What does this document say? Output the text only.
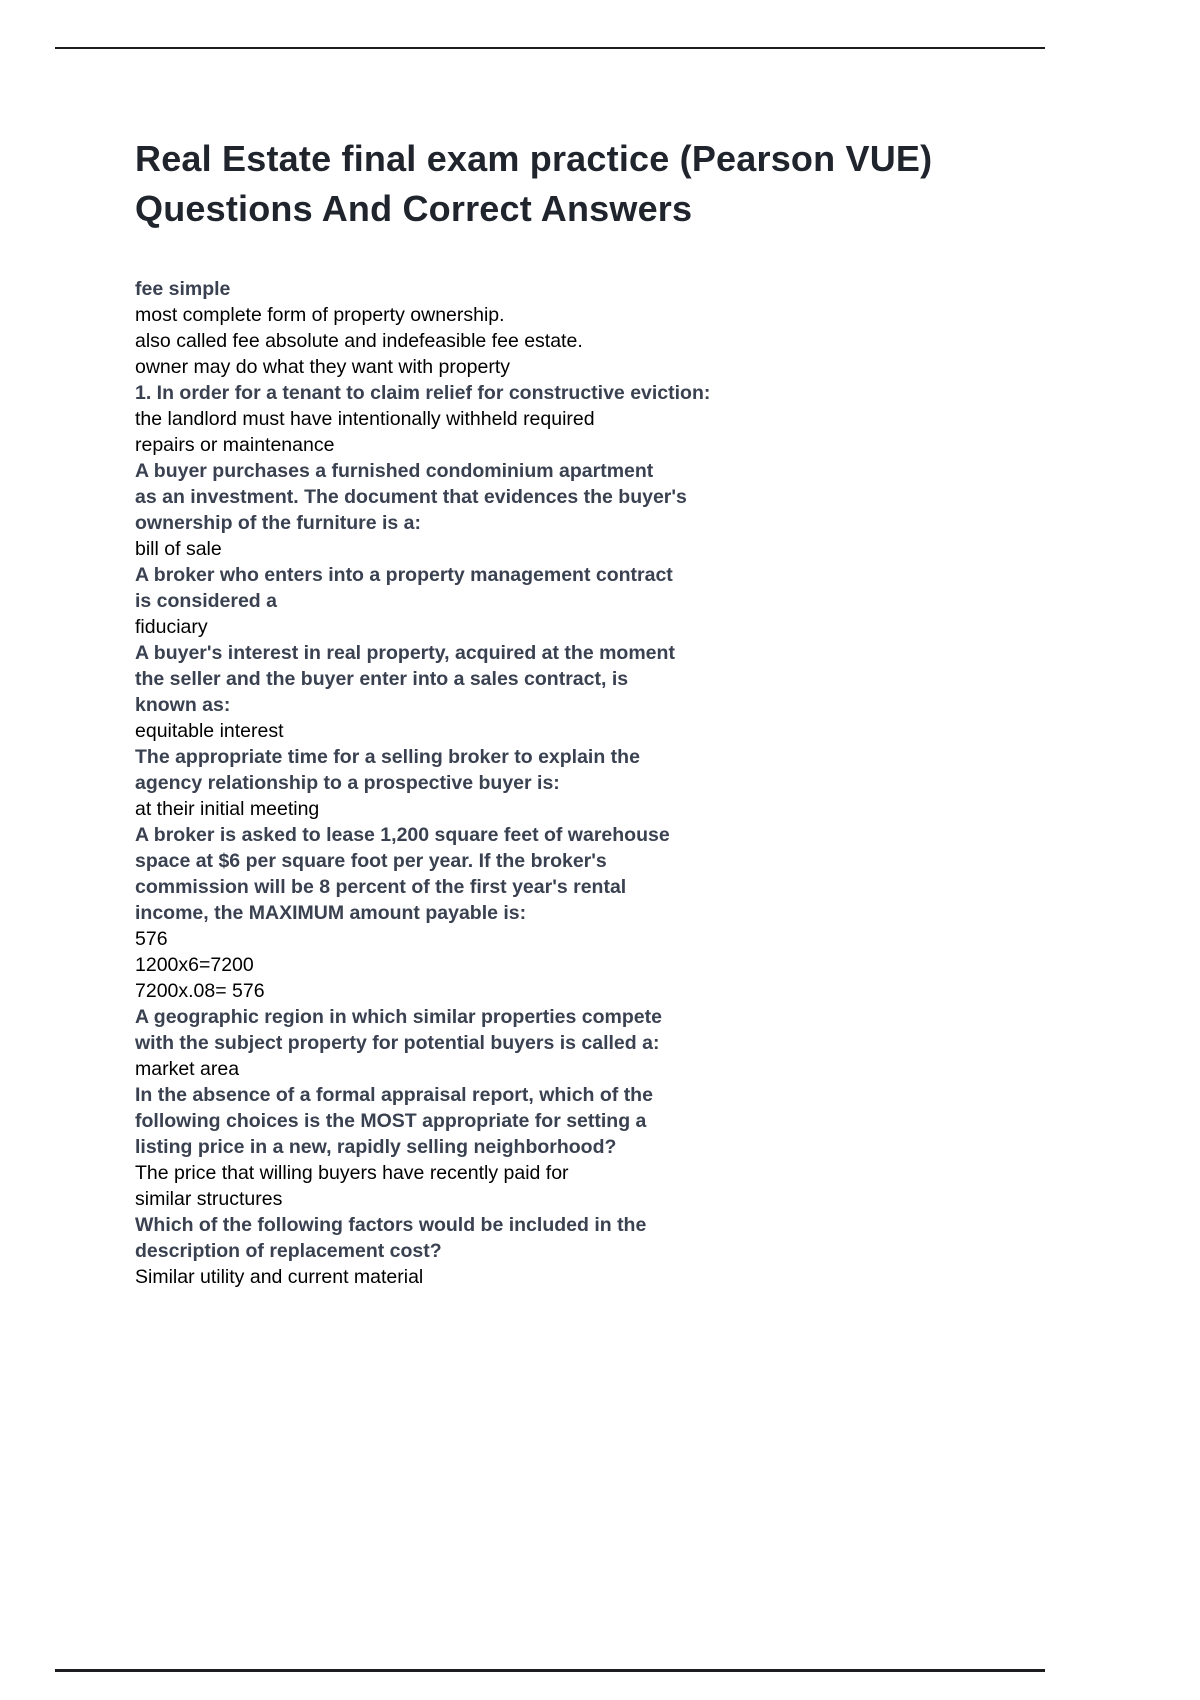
Real Estate final exam practice (Pearson VUE) Questions And Correct Answers
fee simple
most complete form of property ownership.
also called fee absolute and indefeasible fee estate.
owner may do what they want with property
1. In order for a tenant to claim relief for constructive eviction:
the landlord must have intentionally withheld required
repairs or maintenance
A buyer purchases a furnished condominium apartment
as an investment. The document that evidences the buyer's
ownership of the furniture is a:
bill of sale
A broker who enters into a property management contract
is considered a
fiduciary
A buyer's interest in real property, acquired at the moment
the seller and the buyer enter into a sales contract, is
known as:
equitable interest
The appropriate time for a selling broker to explain the
agency relationship to a prospective buyer is:
at their initial meeting
A broker is asked to lease 1,200 square feet of warehouse
space at $6 per square foot per year. If the broker's
commission will be 8 percent of the first year's rental
income, the MAXIMUM amount payable is:
576
1200x6=7200
7200x.08= 576
A geographic region in which similar properties compete
with the subject property for potential buyers is called a:
market area
In the absence of a formal appraisal report, which of the
following choices is the MOST appropriate for setting a
listing price in a new, rapidly selling neighborhood?
The price that willing buyers have recently paid for
similar structures
Which of the following factors would be included in the
description of replacement cost?
Similar utility and current material
